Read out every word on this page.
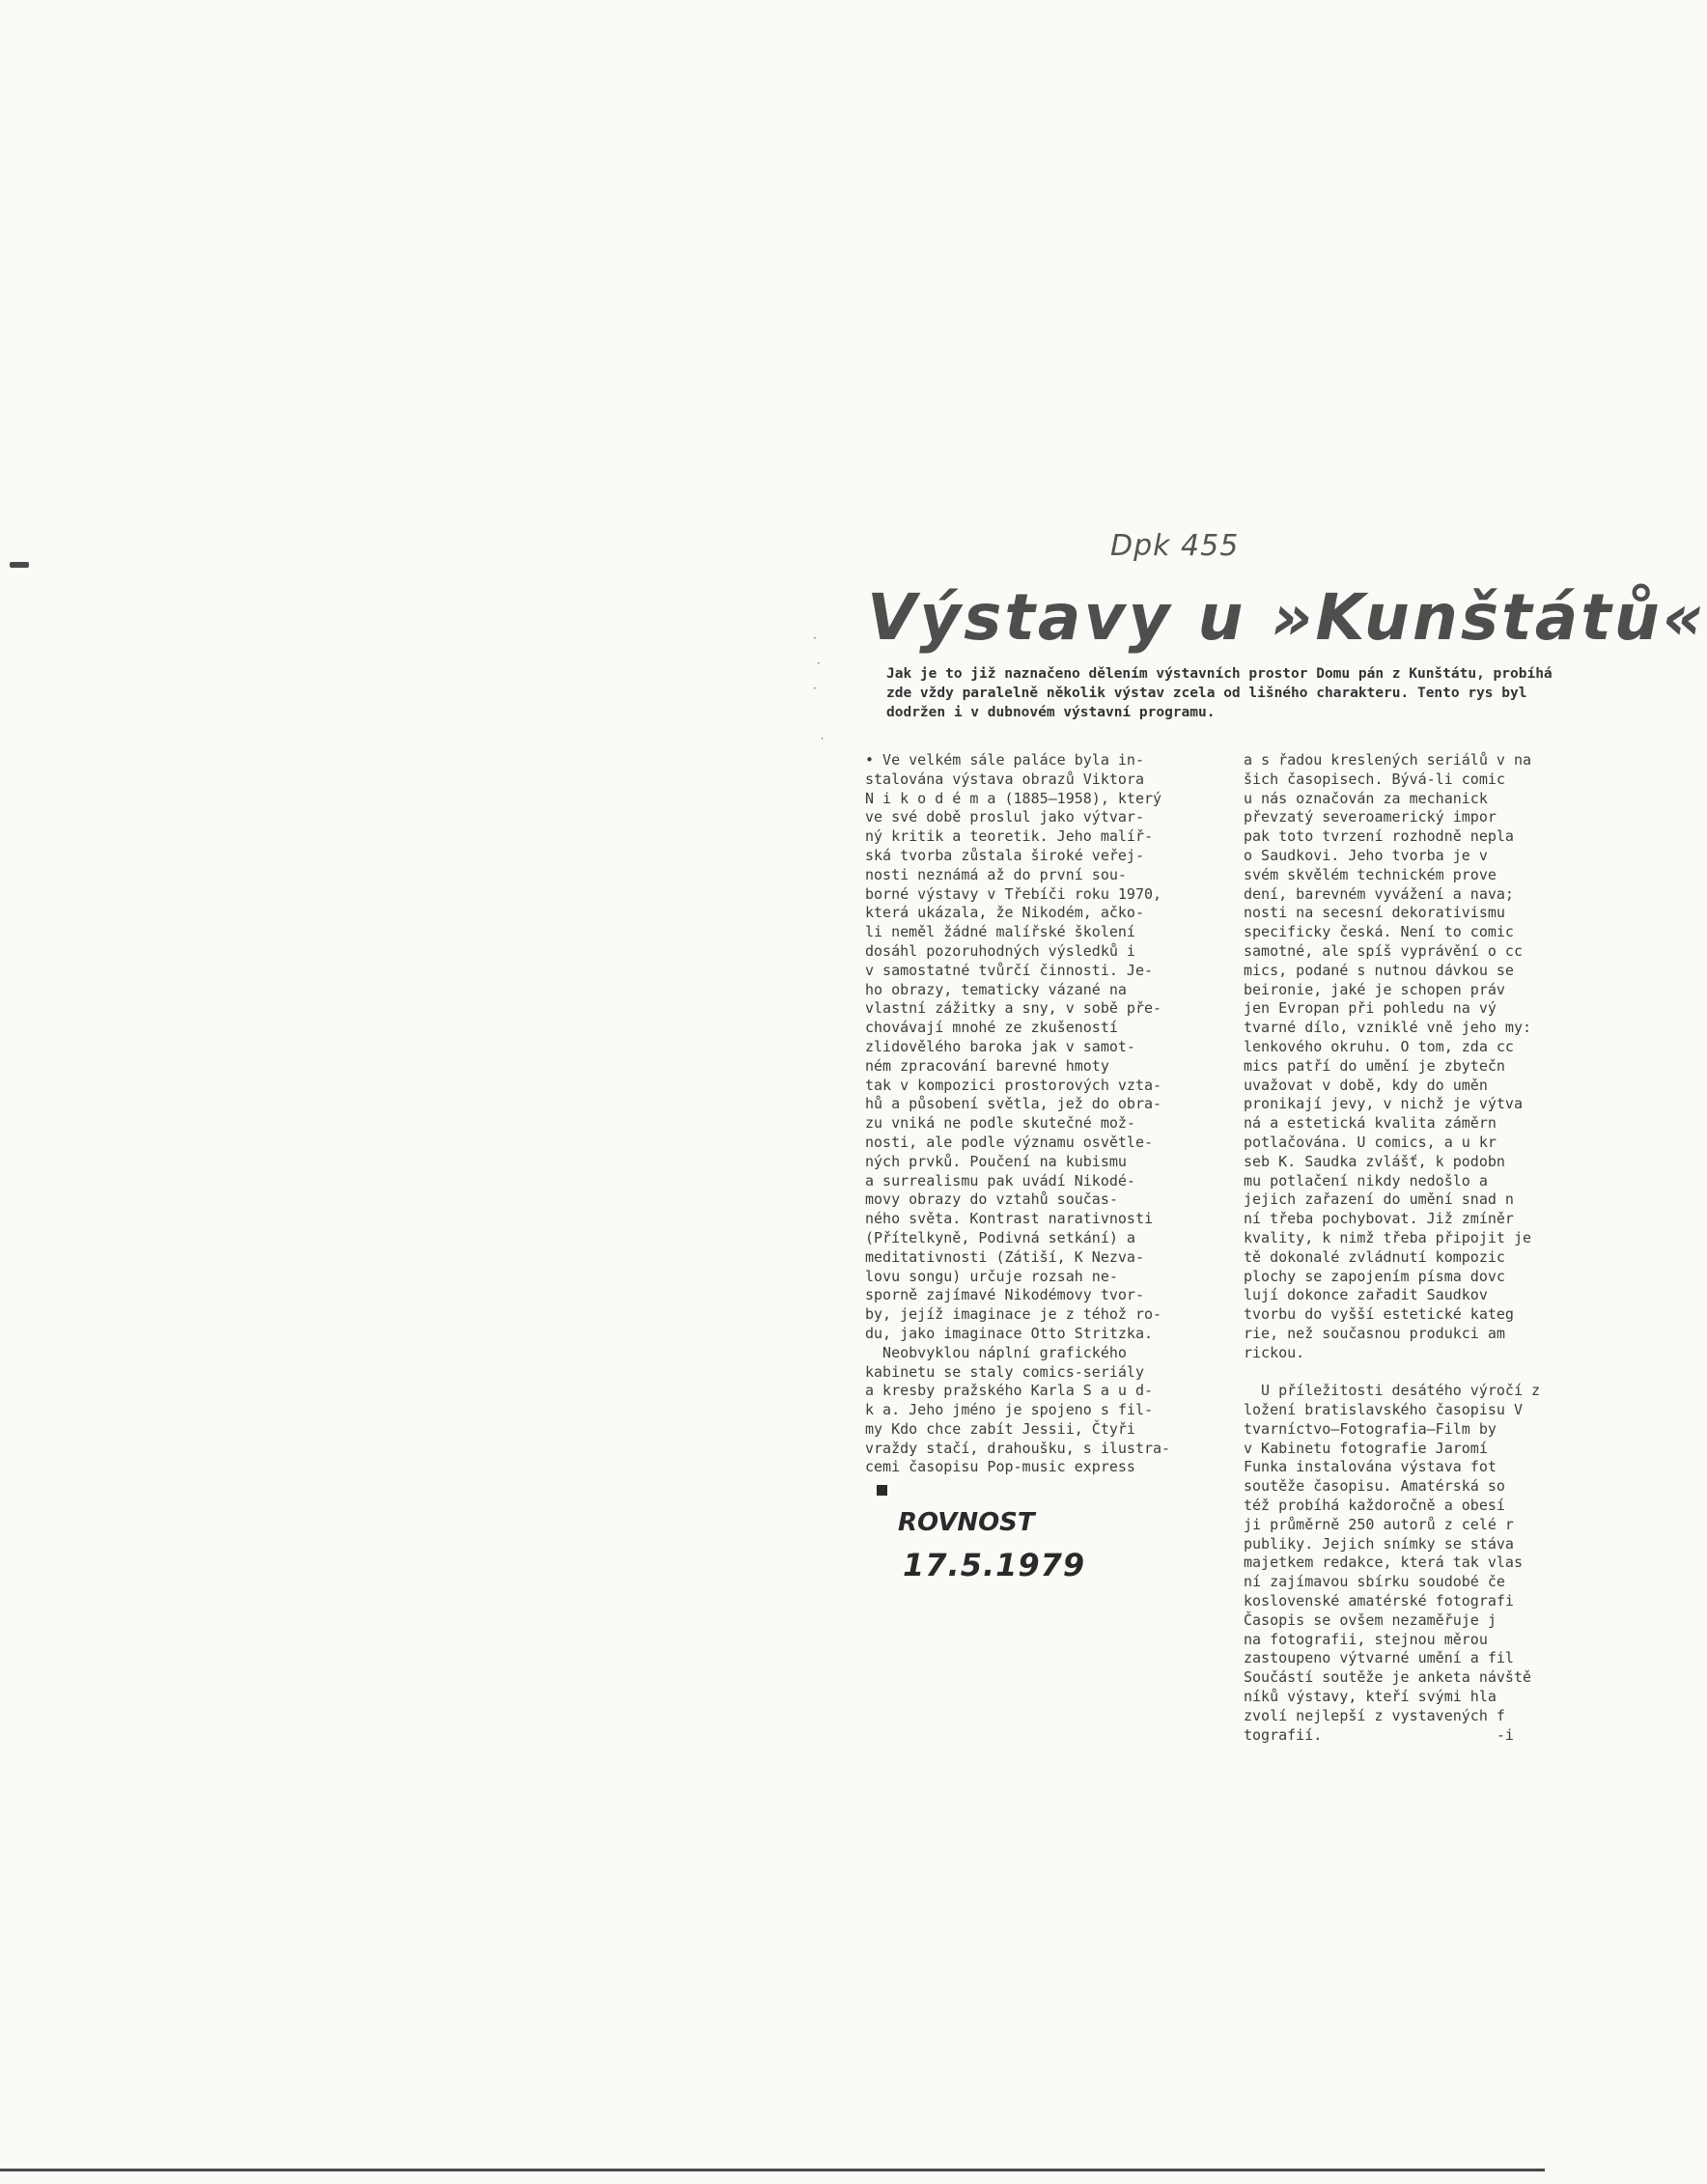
Dpk 455
·
·
·

·
Výstavy u »Kunštátů«

Jak je to již naznačeno dělením výstavních prostor Domu pán z Kunštátu, probíhá zde vždy paralelně několik výstav zcela od lišného charakteru. Tento rys byl dodržen i v dubnovém výstavní programu.

• Ve velkém sále paláce byla in-
stalována výstava obrazů Viktora
N i k o d é m a (1885—1958), který
ve své době proslul jako výtvar-
ný kritik a teoretik. Jeho malíř-
ská tvorba zůstala široké veřej-
nosti neznámá až do první sou-
borné výstavy v Třebíči roku 1970,
která ukázala, že Nikodém, ačko-
li neměl žádné malířské školení
dosáhl pozoruhodných výsledků i
v samostatné tvůrčí činnosti. Je-
ho obrazy, tematicky vázané na
vlastní zážitky a sny, v sobě pře-
chovávají mnohé ze zkušeností
zlidovělého baroka jak v samot-
ném zpracování barevné hmoty
tak v kompozici prostorových vzta-
hů a působení světla, jež do obra-
zu vniká ne podle skutečné mož-
nosti, ale podle významu osvětle-
ných prvků. Poučení na kubismu
a surrealismu pak uvádí Nikodé-
movy obrazy do vztahů součas-
ného světa. Kontrast narativnosti
(Přítelkyně, Podivná setkání) a
meditativnosti (Zátiší, K Nezva-
lovu songu) určuje rozsah ne-
sporně zajímavé Nikodémovy tvor-
by, jejíž imaginace je z téhož ro-
du, jako imaginace Otto Stritzka.
Neobvyklou náplní grafického
kabinetu se staly comics-seriály
a kresby pražského Karla S a u d-
k a. Jeho jméno je spojeno s fil-
my Kdo chce zabít Jessii, Čtyři
vraždy stačí, drahoušku, s ilustra-
cemi časopisu Pop-music express
a s řadou kreslených seriálů v na
šich časopisech. Bývá-li comic
u nás označován za mechanick
převzatý severoamerický impor
pak toto tvrzení rozhodně nepla
o Saudkovi. Jeho tvorba je v
svém skvělém technickém prove
dení, barevném vyvážení a nava;
nosti na secesní dekorativismu
specificky česká. Není to comic
samotné, ale spíš vyprávění o cc
mics, podané s nutnou dávkou se
beironie, jaké je schopen práv
jen Evropan při pohledu na vý
tvarné dílo, vzniklé vně jeho my:
lenkového okruhu. O tom, zda cc
mics patří do umění je zbytečn
uvažovat v době, kdy do uměn
pronikají jevy, v nichž je výtva
ná a estetická kvalita záměrn
potlačována. U comics, a u kr
seb K. Saudka zvlášť, k podobn
mu potlačení nikdy nedošlo a
jejich zařazení do umění snad n
ní třeba pochybovat. Již zmíněr
kvality, k nimž třeba připojit je
tě dokonalé zvládnutí kompozic
plochy se zapojením písma dovc
lují dokonce zařadit Saudkov
tvorbu do vyšší estetické kateg
rie, než současnou produkci am
rickou.

U příležitosti desátého výročí z
ložení bratislavského časopisu V
tvarníctvo—Fotografia—Film by
v Kabinetu fotografie Jaromí
Funka instalována výstava fot
soutěže časopisu. Amatérská so
též probíhá každoročně a obesí
ji průměrně 250 autorů z celé r
publiky. Jejich snímky se stáva
majetkem redakce, která tak vlas
ní zajímavou sbírku soudobé če
koslovenské amatérské fotografi
Časopis se ovšem nezaměřuje j
na fotografii, stejnou měrou
zastoupeno výtvarné umění a fil
Součástí soutěže je anketa návště
níků výstavy, kteří svými hla
zvolí nejlepší z vystavených f
tografií.                    -i
ROVNOST
17.5.1979
